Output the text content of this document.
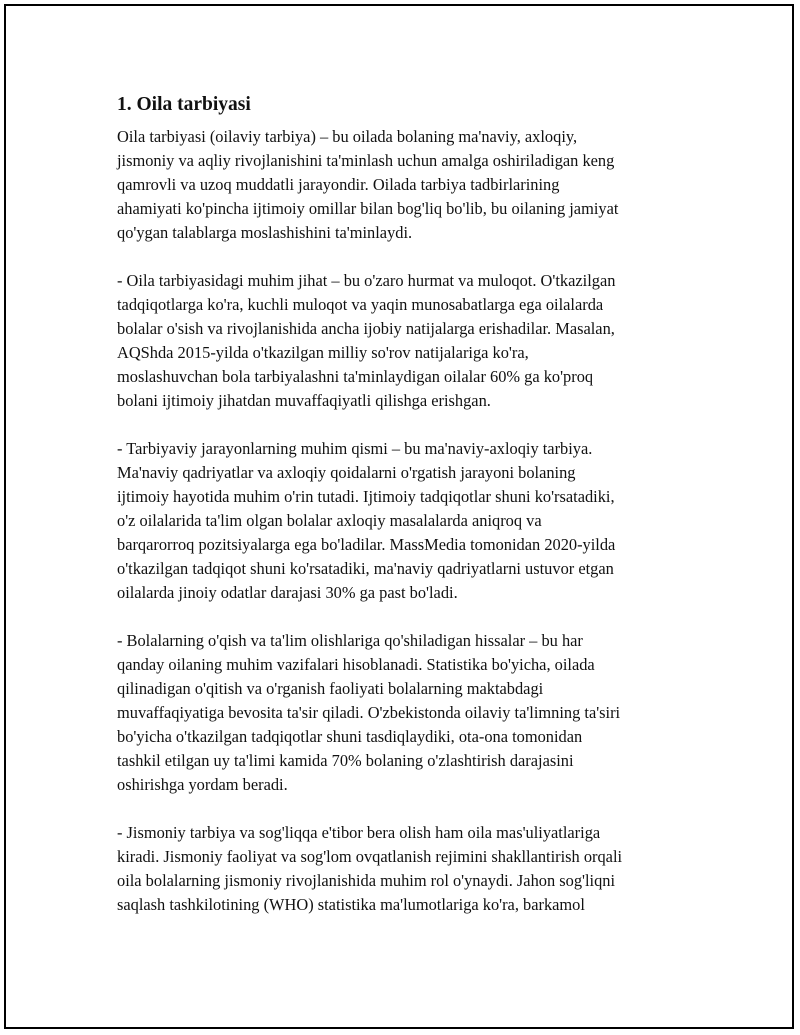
1. Oila tarbiyasi
Oila tarbiyasi (oilaviy tarbiya) – bu oilada bolaning ma'naviy, axloqiy,
jismoniy va aqliy rivojlanishini ta'minlash uchun amalga oshiriladigan keng
qamrovli va uzoq muddatli jarayondir. Oilada tarbiya tadbirlarining
ahamiyati ko'pincha ijtimoiy omillar bilan bog'liq bo'lib, bu oilaning jamiyat
qo'ygan talablarga moslashishini ta'minlaydi.
- Oila tarbiyasidagi muhim jihat – bu o'zaro hurmat va muloqot. O'tkazilgan
tadqiqotlarga ko'ra, kuchli muloqot va yaqin munosabatlarga ega oilalarda
bolalar o'sish va rivojlanishida ancha ijobiy natijalarga erishadilar. Masalan,
AQShda 2015-yilda o'tkazilgan milliy so'rov natijalariga ko'ra,
moslashuvchan bola tarbiyalashni ta'minlaydigan oilalar 60% ga ko'proq
bolani ijtimoiy jihatdan muvaffaqiyatli qilishga erishgan.
- Tarbiyaviy jarayonlarning muhim qismi – bu ma'naviy-axloqiy tarbiya.
Ma'naviy qadriyatlar va axloqiy qoidalarni o'rgatish jarayoni bolaning
ijtimoiy hayotida muhim o'rin tutadi. Ijtimoiy tadqiqotlar shuni ko'rsatadiki,
o'z oilalarida ta'lim olgan bolalar axloqiy masalalarda aniqroq va
barqarorroq pozitsiyalarga ega bo'ladilar. MassMedia tomonidan 2020-yilda
o'tkazilgan tadqiqot shuni ko'rsatadiki, ma'naviy qadriyatlarni ustuvor etgan
oilalarda jinoiy odatlar darajasi 30% ga past bo'ladi.
- Bolalarning o'qish va ta'lim olishlariga qo'shiladigan hissalar – bu har
qanday oilaning muhim vazifalari hisoblanadi. Statistika bo'yicha, oilada
qilinadigan o'qitish va o'rganish faoliyati bolalarning maktabdagi
muvaffaqiyatiga bevosita ta'sir qiladi. O'zbekistonda oilaviy ta'limning ta'siri
bo'yicha o'tkazilgan tadqiqotlar shuni tasdiqlaydiki, ota-ona tomonidan
tashkil etilgan uy ta'limi kamida 70% bolaning o'zlashtirish darajasini
oshirishga yordam beradi.
- Jismoniy tarbiya va sog'liqqa e'tibor bera olish ham oila mas'uliyatlariga
kiradi. Jismoniy faoliyat va sog'lom ovqatlanish rejimini shakllantirish orqali
oila bolalarning jismoniy rivojlanishida muhim rol o'ynaydi. Jahon sog'liqni
saqlash tashkilotining (WHO) statistika ma'lumotlariga ko'ra, barkamol
